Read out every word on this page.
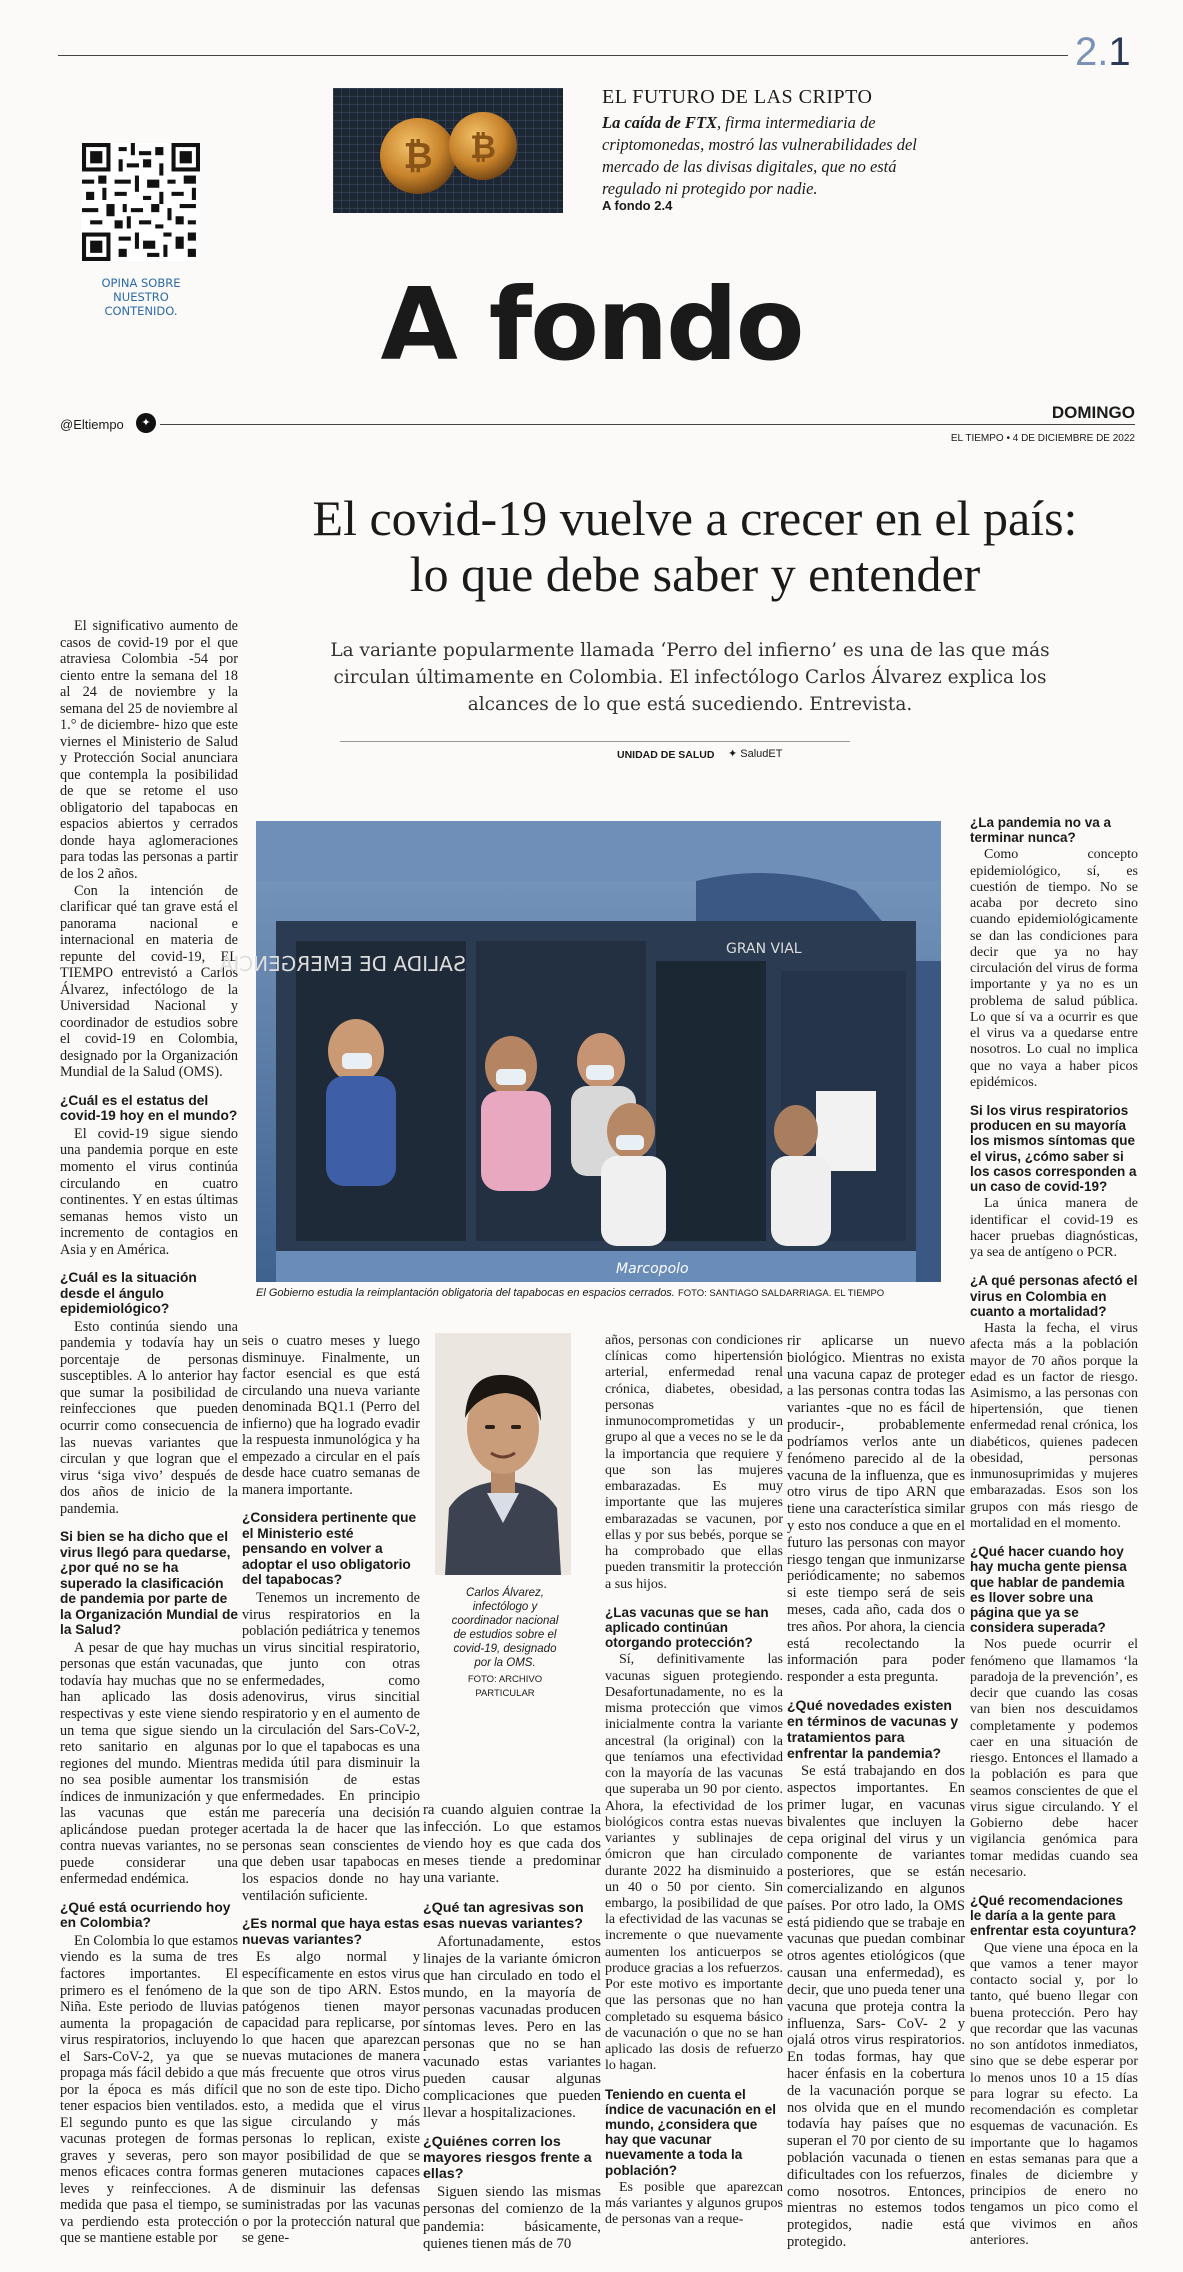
2.1
OPINA SOBRE NUESTRO CONTENIDO.
₿ ₿
EL FUTURO DE LAS CRIPTO
La caída de FTX, firma intermediaria de criptomonedas, mostró las vulnerabilidades del mercado de las divisas digitales, que no está regulado ni protegido por nadie.
A fondo 2.4
A fondo
@Eltiempo	✦
DOMINGO
EL TIEMPO • 4 DE DICIEMBRE DE 2022
El covid-19 vuelve a crecer en el país:
lo que debe saber y entender
La variante popularmente llamada ‘Perro del infierno’ es una de las que más circulan últimamente en Colombia. El infectólogo Carlos Álvarez explica los alcances de lo que está sucediendo. Entrevista.
UNIDAD DE SALUD ✦ SaludET

El significativo aumento de casos de covid-19 por el que atraviesa Colombia -54 por ciento entre la semana del 18 al 24 de noviembre y la semana del 25 de noviembre al 1.° de diciembre- hizo que este viernes el Ministerio de Salud y Protección Social anunciara que contempla la posibilidad de que se retome el uso obligatorio del tapabocas en espacios abiertos y cerrados donde haya aglomeraciones para todas las personas a partir de los 2 años.

Con la intención de clarificar qué tan grave está el panorama nacional e internacional en materia de repunte del covid-19, EL TIEMPO entrevistó a Carlos Álvarez, infectólogo de la Universidad Nacional y coordinador de estudios sobre el covid-19 en Colombia, designado por la Organización Mundial de la Salud (OMS).

¿Cuál es el estatus del covid-19 hoy en el mundo?

El covid-19 sigue siendo una pandemia porque en este momento el virus continúa circulando en cuatro continentes. Y en estas últimas semanas hemos visto un incremento de contagios en Asia y en América.

¿Cuál es la situación desde el ángulo epidemiológico?

Esto continúa siendo una pandemia y todavía hay un porcentaje de personas susceptibles. A lo anterior hay que sumar la posibilidad de reinfecciones que pueden ocurrir como consecuencia de las nuevas variantes que circulan y que logran que el virus ‘siga vivo’ después de dos años de inicio de la pandemia.

Si bien se ha dicho que el virus llegó para quedarse, ¿por qué no se ha superado la clasificación de pandemia por parte de la Organización Mundial de la Salud?

A pesar de que hay muchas personas que están vacunadas, todavía hay muchas que no se han aplicado las dosis respectivas y este viene siendo un tema que sigue siendo un reto sanitario en algunas regiones del mundo. Mientras no sea posible aumentar los índices de inmunización y que las vacunas que están aplicándose puedan proteger contra nuevas variantes, no se puede considerar una enfermedad endémica.

¿Qué está ocurriendo hoy en Colombia?

En Colombia lo que estamos viendo es la suma de tres factores importantes. El primero es el fenómeno de la Niña. Este periodo de lluvias aumenta la propagación de virus respiratorios, incluyendo el Sars-CoV-2, ya que se propaga más fácil debido a que por la época es más difícil tener espacios bien ventilados. El segundo punto es que las vacunas protegen de formas graves y severas, pero son menos eficaces contra formas leves y reinfecciones. A medida que pasa el tiempo, se va perdiendo esta protección que se mantiene estable por

SALIDA DE EMERGENCIA
GRAN VIAL
Marcopolo
El Gobierno estudia la reimplantación obligatoria del tapabocas en espacios cerrados. FOTO: SANTIAGO SALDARRIAGA. EL TIEMPO

seis o cuatro meses y luego disminuye. Finalmente, un factor esencial es que está circulando una nueva variante denominada BQ1.1 (Perro del infierno) que ha logrado evadir la respuesta inmunológica y ha empezado a circular en el país desde hace cuatro semanas de manera importante.

¿Considera pertinente que el Ministerio esté pensando en volver a adoptar el uso obligatorio del tapabocas?

Tenemos un incremento de virus respiratorios en la población pediátrica y tenemos un virus sincitial respiratorio, que junto con otras enfermedades, como adenovirus, virus sincitial respiratorio y en el aumento de la circulación del Sars-CoV-2, por lo que el tapabocas es una medida útil para disminuir la transmisión de estas enfermedades. En principio me parecería una decisión acertada la de hacer que las personas sean conscientes de que deben usar tapabocas en los espacios donde no hay ventilación suficiente.

¿Es normal que haya estas nuevas variantes?

Es algo normal y específicamente en estos virus que son de tipo ARN. Estos patógenos tienen mayor capacidad para replicarse, por lo que hacen que aparezcan nuevas mutaciones de manera más frecuente que otros virus que no son de este tipo. Dicho esto, a medida que el virus sigue circulando y más personas lo replican, existe mayor posibilidad de que se generen mutaciones capaces de disminuir las defensas suministradas por las vacunas o por la protección natural que se gene-

Carlos Álvarez, infectólogo y coordinador nacional de estudios sobre el covid-19, designado por la OMS.
FOTO: ARCHIVO PARTICULAR

ra cuando alguien contrae la infección. Lo que estamos viendo hoy es que cada dos meses tiende a predominar una variante.

¿Qué tan agresivas son esas nuevas variantes?

Afortunadamente, estos linajes de la variante ómicron que han circulado en todo el mundo, en la mayoría de personas vacunadas producen síntomas leves. Pero en las personas que no se han vacunado estas variantes pueden causar algunas complicaciones que pueden llevar a hospitalizaciones.

¿Quiénes corren los mayores riesgos frente a ellas?

Siguen siendo las mismas personas del comienzo de la pandemia: básicamente, quienes tienen más de 70

años, personas con condiciones clínicas como hipertensión arterial, enfermedad renal crónica, diabetes, obesidad, personas inmunocomprometidas y un grupo al que a veces no se le da la importancia que requiere y que son las mujeres embarazadas. Es muy importante que las mujeres embarazadas se vacunen, por ellas y por sus bebés, porque se ha comprobado que ellas pueden transmitir la protección a sus hijos.

¿Las vacunas que se han aplicado continúan otorgando protección?

Sí, definitivamente las vacunas siguen protegiendo. Desafortunadamente, no es la misma protección que vimos inicialmente contra la variante ancestral (la original) con la que teníamos una efectividad con la mayoría de las vacunas que superaba un 90 por ciento. Ahora, la efectividad de los biológicos contra estas nuevas variantes y sublinajes de ómicron que han circulado durante 2022 ha disminuido a un 40 o 50 por ciento. Sin embargo, la posibilidad de que la efectividad de las vacunas se incremente o que nuevamente aumenten los anticuerpos se produce gracias a los refuerzos. Por este motivo es importante que las personas que no han completado su esquema básico de vacunación o que no se han aplicado las dosis de refuerzo lo hagan.

Teniendo en cuenta el índice de vacunación en el mundo, ¿considera que hay que vacunar nuevamente a toda la población?

Es posible que aparezcan más variantes y algunos grupos de personas van a reque-

rir aplicarse un nuevo biológico. Mientras no exista una vacuna capaz de proteger a las personas contra todas las variantes -que no es fácil de producir-, probablemente podríamos verlos ante un fenómeno parecido al de la vacuna de la influenza, que es otro virus de tipo ARN que tiene una característica similar y esto nos conduce a que en el futuro las personas con mayor riesgo tengan que inmunizarse periódicamente; no sabemos si este tiempo será de seis meses, cada año, cada dos o tres años. Por ahora, la ciencia está recolectando la información para poder responder a esta pregunta.

¿Qué novedades existen en términos de vacunas y tratamientos para enfrentar la pandemia?

Se está trabajando en dos aspectos importantes. En primer lugar, en vacunas bivalentes que incluyen la cepa original del virus y un componente de variantes posteriores, que se están comercializando en algunos países. Por otro lado, la OMS está pidiendo que se trabaje en vacunas que puedan combinar otros agentes etiológicos (que causan una enfermedad), es decir, que uno pueda tener una vacuna que proteja contra la influenza, Sars- CoV- 2 y ojalá otros virus respiratorios. En todas formas, hay que hacer énfasis en la cobertura de la vacunación porque se nos olvida que en el mundo todavía hay países que no superan el 70 por ciento de su población vacunada o tienen dificultades con los refuerzos, como nosotros. Entonces, mientras no estemos todos protegidos, nadie está protegido.

¿La pandemia no va a terminar nunca?

Como concepto epidemiológico, sí, es cuestión de tiempo. No se acaba por decreto sino cuando epidemiológicamente se dan las condiciones para decir que ya no hay circulación del virus de forma importante y ya no es un problema de salud pública. Lo que sí va a ocurrir es que el virus va a quedarse entre nosotros. Lo cual no implica que no vaya a haber picos epidémicos.

Si los virus respiratorios producen en su mayoría los mismos síntomas que el virus, ¿cómo saber si los casos corresponden a un caso de covid-19?

La única manera de identificar el covid-19 es hacer pruebas diagnósticas, ya sea de antígeno o PCR.

¿A qué personas afectó el virus en Colombia en cuanto a mortalidad?

Hasta la fecha, el virus afecta más a la población mayor de 70 años porque la edad es un factor de riesgo. Asimismo, a las personas con hipertensión, que tienen enfermedad renal crónica, los diabéticos, quienes padecen obesidad, personas inmunosuprimidas y mujeres embarazadas. Esos son los grupos con más riesgo de mortalidad en el momento.

¿Qué hacer cuando hoy hay mucha gente piensa que hablar de pandemia es llover sobre una página que ya se considera superada?

Nos puede ocurrir el fenómeno que llamamos ‘la paradoja de la prevención’, es decir que cuando las cosas van bien nos descuidamos completamente y podemos caer en una situación de riesgo. Entonces el llamado a la población es para que seamos conscientes de que el virus sigue circulando. Y el Gobierno debe hacer vigilancia genómica para tomar medidas cuando sea necesario.

¿Qué recomendaciones le daría a la gente para enfrentar esta coyuntura?

Que viene una época en la que vamos a tener mayor contacto social y, por lo tanto, qué bueno llegar con buena protección. Pero hay que recordar que las vacunas no son antídotos inmediatos, sino que se debe esperar por lo menos unos 10 a 15 días para lograr su efecto. La recomendación es completar esquemas de vacunación. Es importante que lo hagamos en estas semanas para que a finales de diciembre y principios de enero no tengamos un pico como el que vivimos en años anteriores.
